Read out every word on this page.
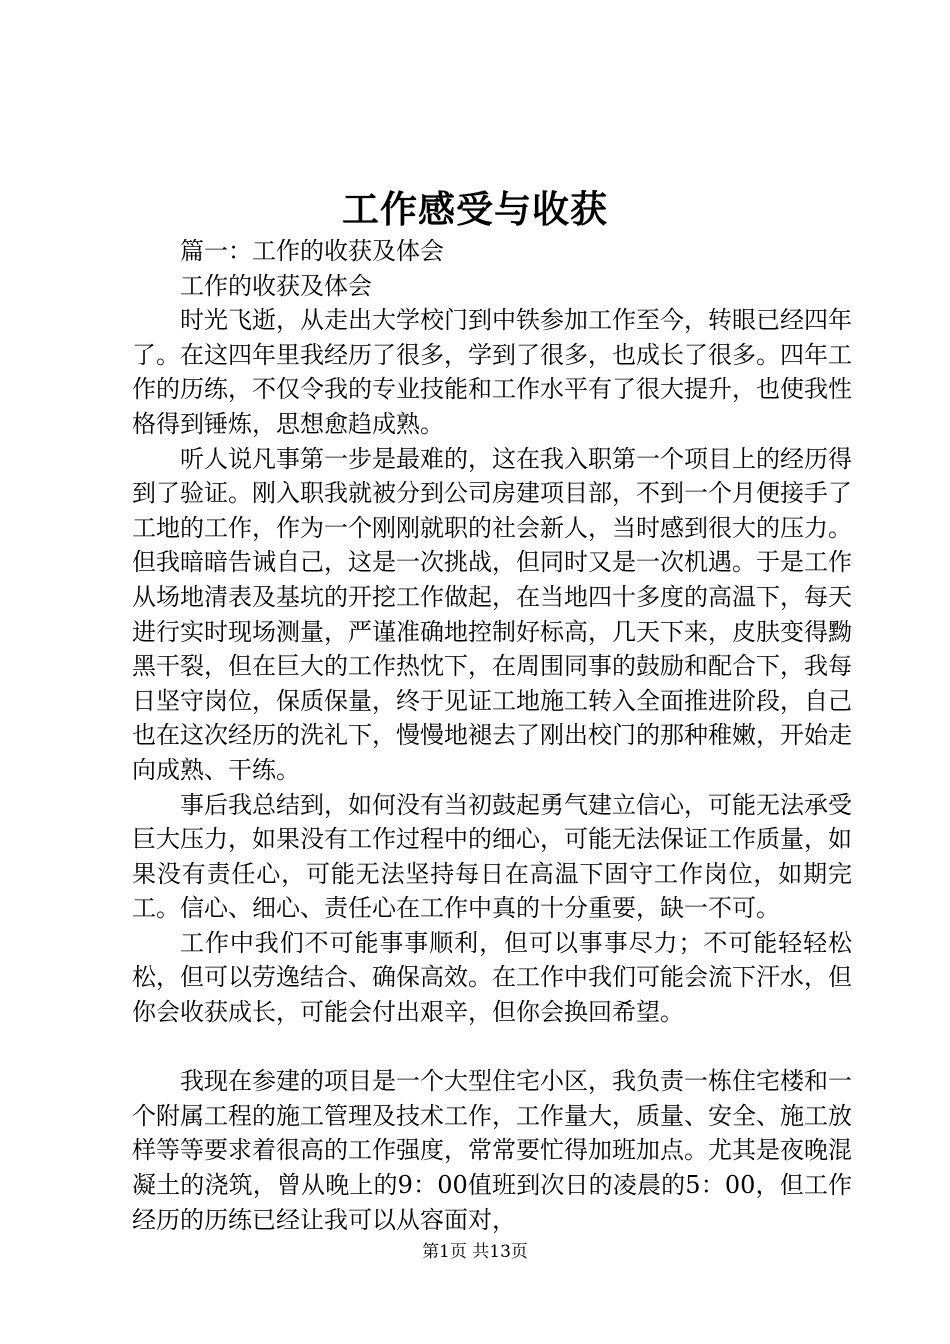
工作感受与收获

篇一：工作的收获及体会

工作的收获及体会

时光飞逝，从走出大学校门到中铁参加工作至今，转眼已经四年了。在这四年里我经历了很多，学到了很多，也成长了很多。四年工作的历练，不仅令我的专业技能和工作水平有了很大提升，也使我性格得到锤炼，思想愈趋成熟。

听人说凡事第一步是最难的，这在我入职第一个项目上的经历得到了验证。刚入职我就被分到公司房建项目部，不到一个月便接手了工地的工作，作为一个刚刚就职的社会新人，当时感到很大的压力。但我暗暗告诫自己，这是一次挑战，但同时又是一次机遇。于是工作从场地清表及基坑的开挖工作做起，在当地四十多度的高温下，每天进行实时现场测量，严谨准确地控制好标高，几天下来，皮肤变得黝黑干裂，但在巨大的工作热忱下，在周围同事的鼓励和配合下，我每日坚守岗位，保质保量，终于见证工地施工转入全面推进阶段，自己也在这次经历的洗礼下，慢慢地褪去了刚出校门的那种稚嫩，开始走向成熟、干练。

事后我总结到，如何没有当初鼓起勇气建立信心，可能无法承受巨大压力，如果没有工作过程中的细心，可能无法保证工作质量，如果没有责任心，可能无法坚持每日在高温下固守工作岗位，如期完工。信心、细心、责任心在工作中真的十分重要，缺一不可。

工作中我们不可能事事顺利，但可以事事尽力；不可能轻轻松松，但可以劳逸结合、确保高效。在工作中我们可能会流下汗水，但你会收获成长，可能会付出艰辛，但你会换回希望。

我现在参建的项目是一个大型住宅小区，我负责一栋住宅楼和一个附属工程的施工管理及技术工作，工作量大，质量、安全、施工放样等等要求着很高的工作强度，常常要忙得加班加点。尤其是夜晚混凝土的浇筑，曾从晚上的9：00值班到次日的凌晨的5：00，但工作经历的历练已经让我可以从容面对，

第1页 共13页
